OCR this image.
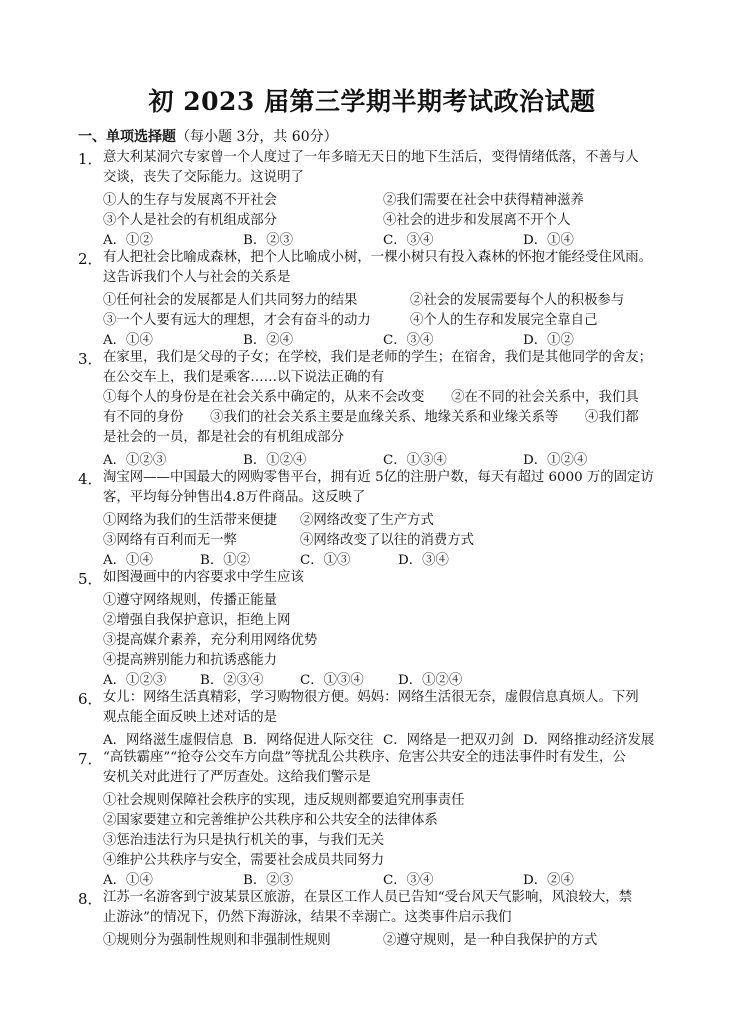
初 2023 届第三学期半期考试政治试题
一、单项选择题（每小题 3分，共 60分）
1． 意大利某洞穴专家曾一个人度过了一年多暗无天日的地下生活后，变得情绪低落，不善与人
交谈，丧失了交际能力。这说明了
①人的生存与发展离不开社会	②我们需要在社会中获得精神滋养
③个人是社会的有机组成部分	④社会的进步和发展离不开个人
A．①②	B．②③	C．③④	D．①④
2． 有人把社会比喻成森林，把个人比喻成小树，一棵小树只有投入森林的怀抱才能经受住风雨。
这告诉我们个人与社会的关系是
①任何社会的发展都是人们共同努力的结果	②社会的发展需要每个人的积极参与
③一个人要有远大的理想，才会有奋斗的动力	④个人的生存和发展完全靠自己
A．①④	B．②④	C．③④	D．①②
3． 在家里，我们是父母的子女；在学校，我们是老师的学生；在宿舍，我们是其他同学的舍友；
在公交车上，我们是乘客……以下说法正确的有
①每个人的身份是在社会关系中确定的，从来不会改变　　②在不同的社会关系中，我们具
有不同的身份　　③我们的社会关系主要是血缘关系、地缘关系和业缘关系等　　④我们都
是社会的一员，都是社会的有机组成部分
A．①②③	B．①②④	C．①③④	D．①②④
4． 淘宝网——中国最大的网购零售平台，拥有近 5亿的注册户数，每天有超过 6000 万的固定访
客，平均每分钟售出4.8万件商品。这反映了
①网络为我们的生活带来便捷 ②网络改变了生产方式
③网络有百利而无一弊	④网络改变了以往的消费方式
A．①④	B．①②	C．①③	D．③④
5． 如图漫画中的内容要求中学生应该
①遵守网络规则，传播正能量
②增强自我保护意识，拒绝上网
③提高媒介素养，充分利用网络优势
④提高辨别能力和抗诱惑能力
A．①②③	B．②③④	C．①③④	D．①②④
6． 女儿：网络生活真精彩，学习购物很方便。妈妈：网络生活很无奈，虚假信息真烦人。下列
观点能全面反映上述对话的是
A．网络滋生虚假信息 B．网络促进人际交往 C．网络是一把双刃剑 D．网络推动经济发展
7． “高铁霸座”“抢夺公交车方向盘”等扰乱公共秩序、危害公共安全的违法事件时有发生，公
安机关对此进行了严厉查处。这给我们警示是
①社会规则保障社会秩序的实现，违反规则都要追究刑事责任
②国家要建立和完善维护公共秩序和公共安全的法律体系
③惩治违法行为只是执行机关的事，与我们无关
④维护公共秩序与安全，需要社会成员共同努力
A．①④	B．②③	C．③④	D．②④
8． 江苏一名游客到宁波某景区旅游，在景区工作人员已告知“受台风天气影响，风浪较大，禁
止游泳”的情况下，仍然下海游泳，结果不幸溺亡。这类事件启示我们
①规则分为强制性规则和非强制性规则	②遵守规则，是一种自我保护的方式
